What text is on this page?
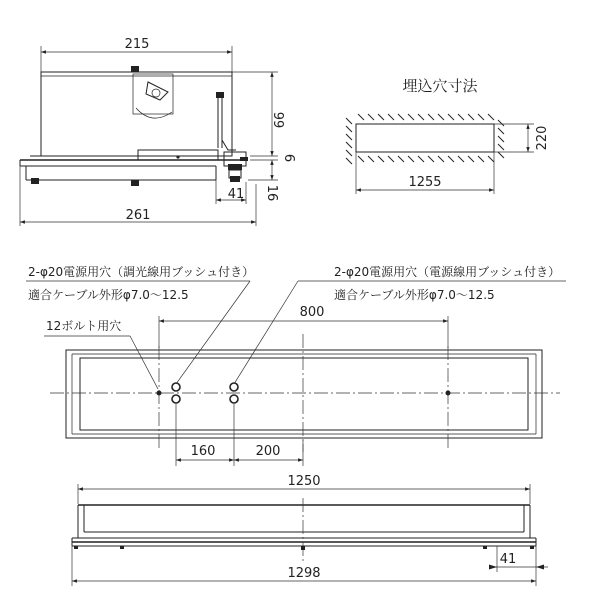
215
99
6
16
41
261
埋込穴寸法
220
1255
2-φ20電源用穴（調光線用ブッシュ付き）
適合ケーブル外形φ7.0～12.5
2-φ20電源用穴（電源線用ブッシュ付き）
適合ケーブル外形φ7.0～12.5
12ボルト用穴
800
160	200
1250
41
1298
